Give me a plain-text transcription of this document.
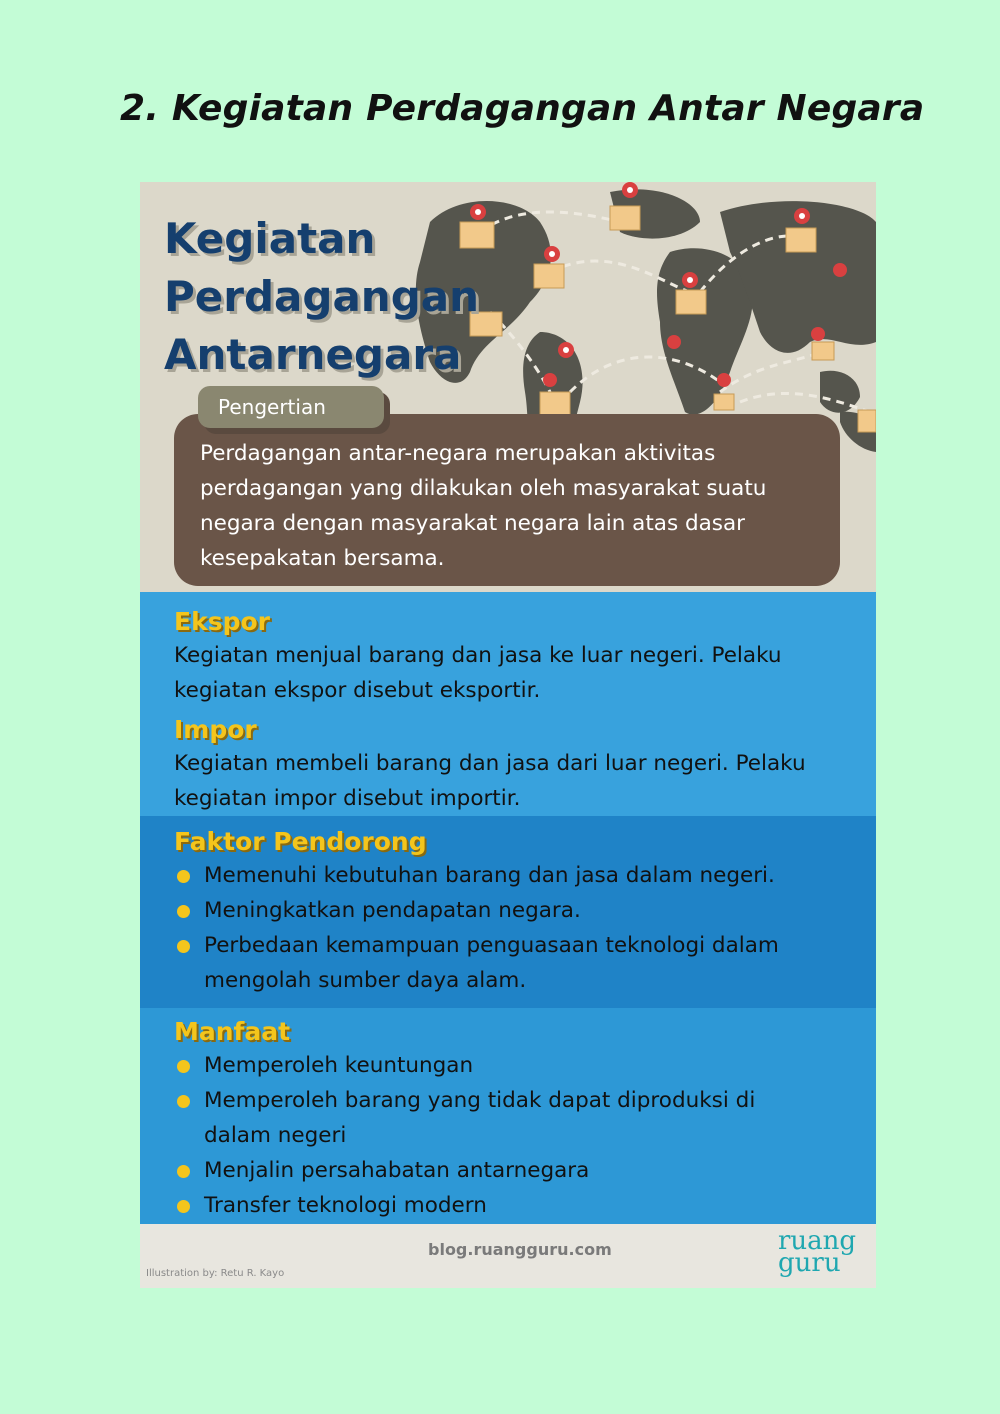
2. Kegiatan Perdagangan Antar Negara
Kegiatan
Perdagangan
Antarnegara
Pengertian
Perdagangan antar-negara merupakan aktivitas
perdagangan yang dilakukan oleh masyarakat suatu
negara dengan masyarakat negara lain atas dasar
kesepakatan bersama.
Ekspor

Kegiatan menjual barang dan jasa ke luar negeri. Pelaku
kegiatan ekspor disebut eksportir.

Impor

Kegiatan membeli barang dan jasa dari luar negeri. Pelaku
kegiatan impor disebut importir.

Faktor Pendorong
Memenuhi kebutuhan barang dan jasa dalam negeri.
Meningkatkan pendapatan negara.
Perbedaan kemampuan penguasaan teknologi dalam
mengolah sumber daya alam.
Manfaat
Memperoleh keuntungan
Memperoleh barang yang tidak dapat diproduksi di
dalam negeri
Menjalin persahabatan antarnegara
Transfer teknologi modern
blog.ruangguru.com
Illustration by: Retu R. Kayo
ruang
guru
